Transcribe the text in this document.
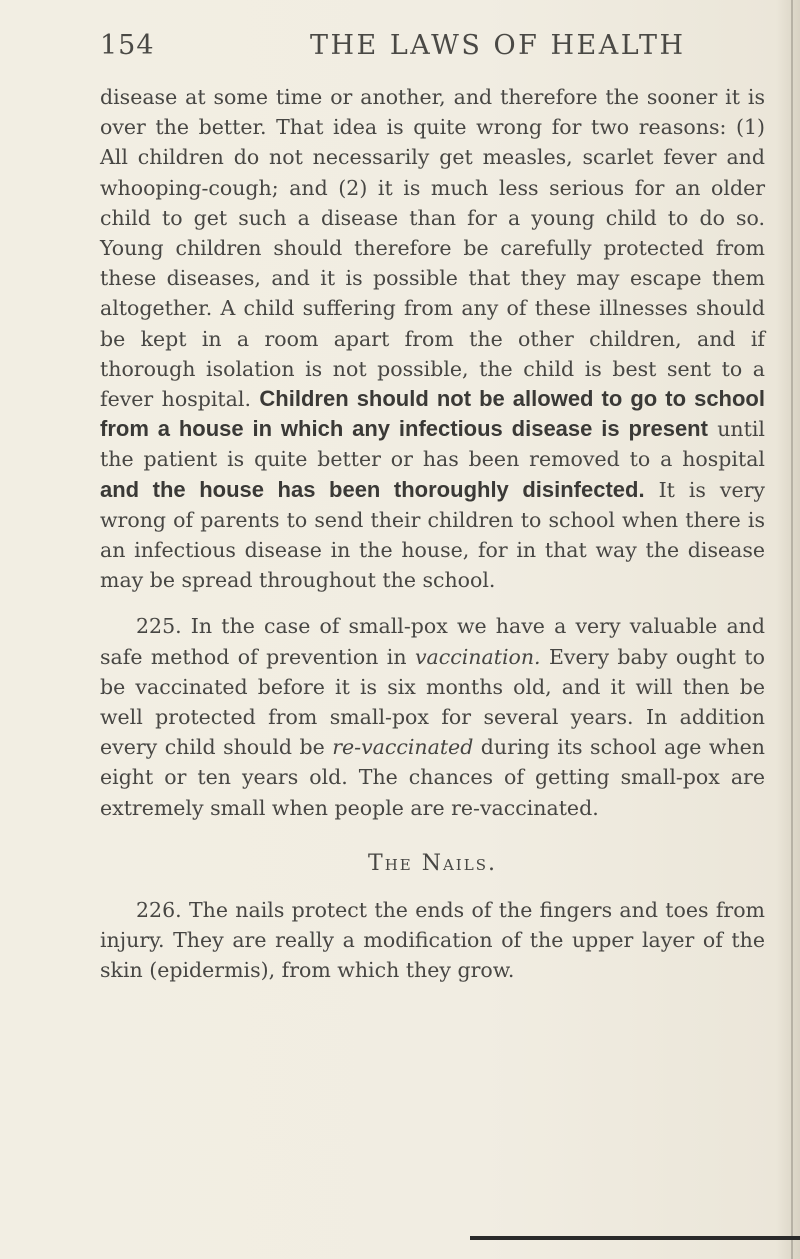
154	THE LAWS OF HEALTH

disease at some time or another, and therefore the sooner it is over the better. That idea is quite wrong for two reasons: (1) All children do not necessarily get measles, scarlet fever and whooping-cough; and (2) it is much less serious for an older child to get such a disease than for a young child to do so. Young children should therefore be carefully protected from these diseases, and it is possible that they may escape them altogether. A child suffering from any of these illnesses should be kept in a room apart from the other children, and if thorough isolation is not possible, the child is best sent to a fever hospital. Children should not be allowed to go to school from a house in which any infectious disease is present until the patient is quite better or has been removed to a hospital and the house has been thoroughly disinfected. It is very wrong of parents to send their children to school when there is an infectious disease in the house, for in that way the disease may be spread throughout the school.

225. In the case of small-pox we have a very valuable and safe method of prevention in vaccination. Every baby ought to be vaccinated before it is six months old, and it will then be well protected from small-pox for several years. In addition every child should be re-vaccinated during its school age when eight or ten years old. The chances of getting small-pox are extremely small when people are re-vaccinated.

The Nails.

226. The nails protect the ends of the fingers and toes from injury. They are really a modification of the upper layer of the skin (epidermis), from which they grow.
